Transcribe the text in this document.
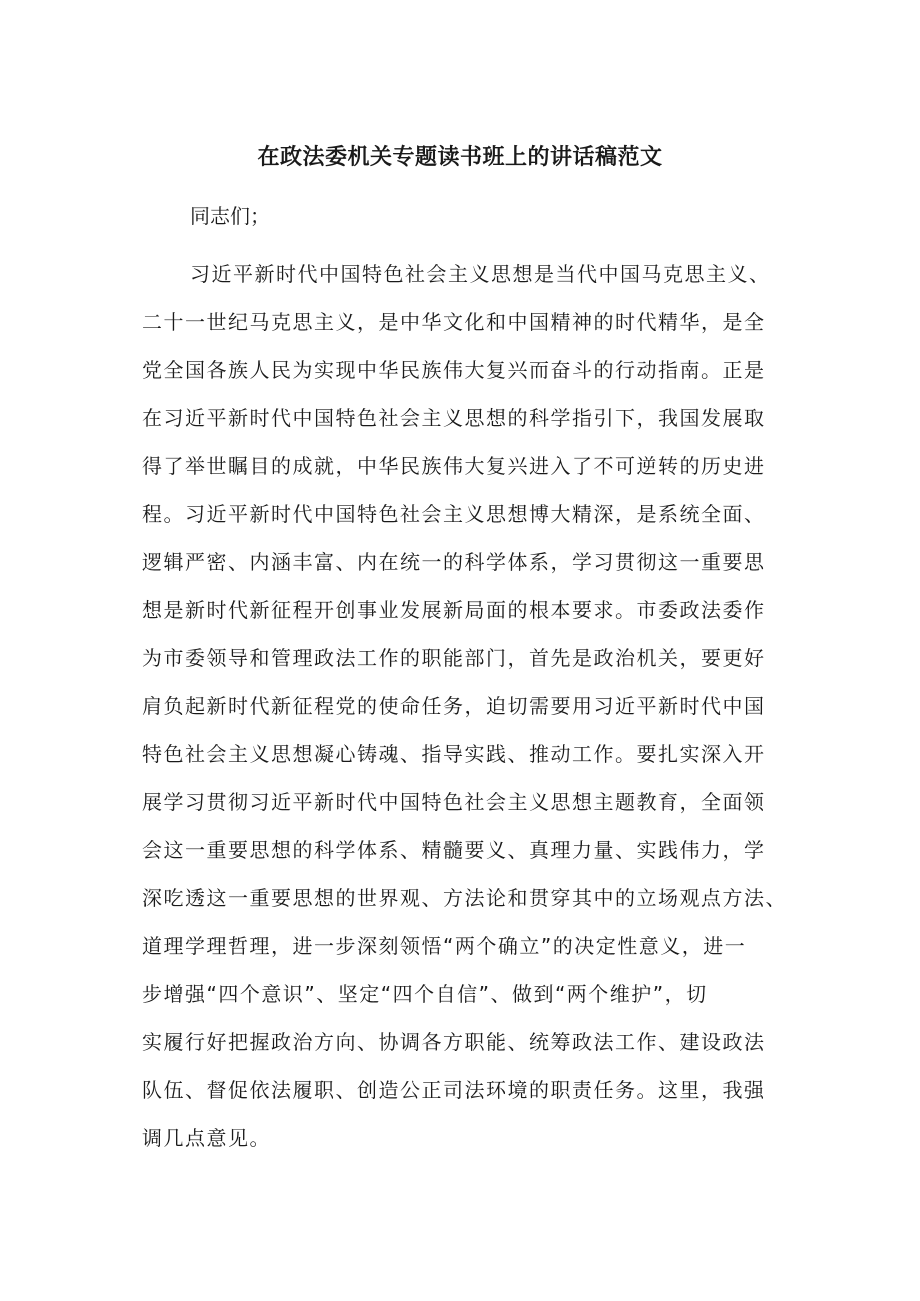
在政法委机关专题读书班上的讲话稿范文
同志们；
习近平新时代中国特色社会主义思想是当代中国马克思主义、
二十一世纪马克思主义，是中华文化和中国精神的时代精华，是全
党全国各族人民为实现中华民族伟大复兴而奋斗的行动指南。正是
在习近平新时代中国特色社会主义思想的科学指引下，我国发展取
得了举世瞩目的成就，中华民族伟大复兴进入了不可逆转的历史进
程。习近平新时代中国特色社会主义思想博大精深，是系统全面、
逻辑严密、内涵丰富、内在统一的科学体系，学习贯彻这一重要思
想是新时代新征程开创事业发展新局面的根本要求。市委政法委作
为市委领导和管理政法工作的职能部门，首先是政治机关，要更好
肩负起新时代新征程党的使命任务，迫切需要用习近平新时代中国
特色社会主义思想凝心铸魂、指导实践、推动工作。要扎实深入开
展学习贯彻习近平新时代中国特色社会主义思想主题教育，全面领
会这一重要思想的科学体系、精髓要义、真理力量、实践伟力，学
深吃透这一重要思想的世界观、方法论和贯穿其中的立场观点方法、
道理学理哲理，进一步深刻领悟“两个确立”的决定性意义，进一
步增强“四个意识”、坚定“四个自信”、做到“两个维护”，切
实履行好把握政治方向、协调各方职能、统筹政法工作、建设政法
队伍、督促依法履职、创造公正司法环境的职责任务。这里，我强
调几点意见。
